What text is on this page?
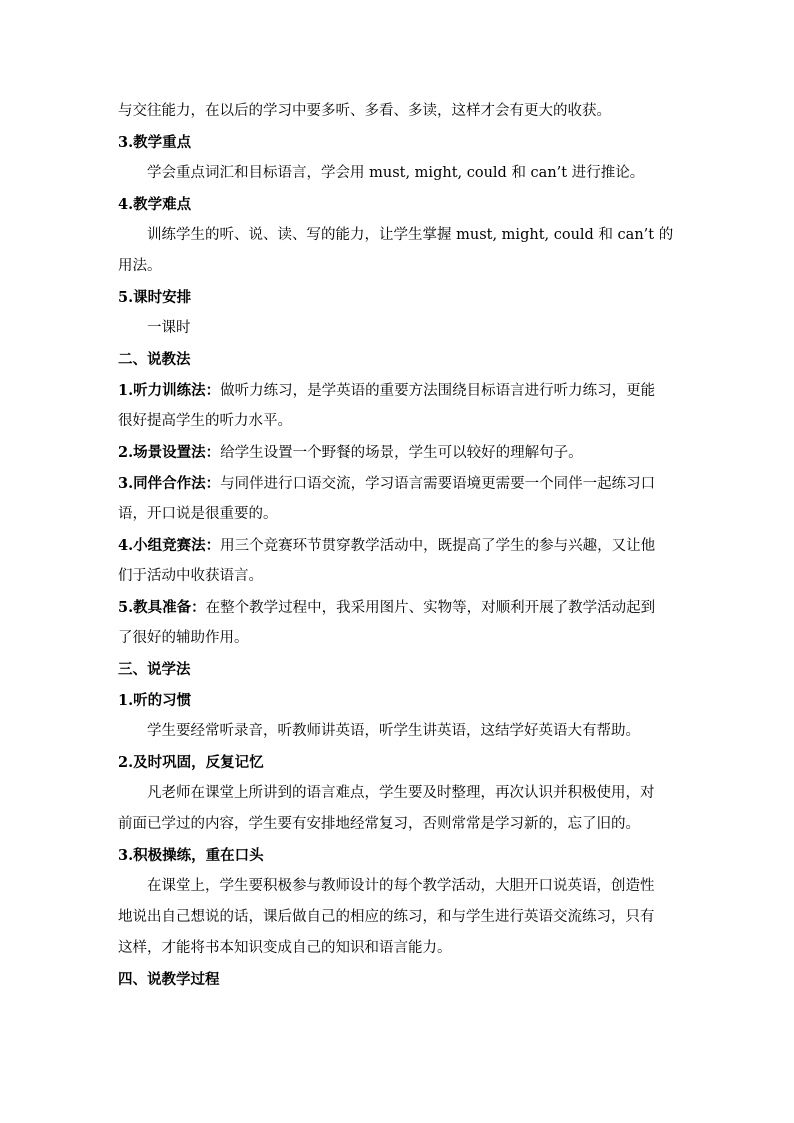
与交往能力，在以后的学习中要多听、多看、多读，这样才会有更大的收获。
3.教学重点
学会重点词汇和目标语言，学会用 must, might, could 和 can’t 进行推论。
4.教学难点
训练学生的听、说、读、写的能力，让学生掌握 must, might, could 和 can’t 的
用法。
5.课时安排
一课时
二、说教法
1.听力训练法：做听力练习，是学英语的重要方法围绕目标语言进行听力练习，更能
很好提高学生的听力水平。
2.场景设置法：给学生设置一个野餐的场景，学生可以较好的理解句子。
3.同伴合作法：与同伴进行口语交流，学习语言需要语境更需要一个同伴一起练习口
语，开口说是很重要的。
4.小组竞赛法：用三个竞赛环节贯穿教学活动中，既提高了学生的参与兴趣，又让他
们于活动中收获语言。
5.教具准备：在整个教学过程中，我采用图片、实物等，对顺利开展了教学活动起到
了很好的辅助作用。
三、说学法
1.听的习惯
学生要经常听录音，听教师讲英语，听学生讲英语，这结学好英语大有帮助。
2.及时巩固，反复记忆
凡老师在课堂上所讲到的语言难点，学生要及时整理，再次认识并积极使用，对
前面已学过的内容，学生要有安排地经常复习，否则常常是学习新的，忘了旧的。
3.积极操练，重在口头
在课堂上，学生要积极参与教师设计的每个教学活动，大胆开口说英语，创造性
地说出自己想说的话，课后做自己的相应的练习，和与学生进行英语交流练习，只有
这样，才能将书本知识变成自己的知识和语言能力。
四、说教学过程
